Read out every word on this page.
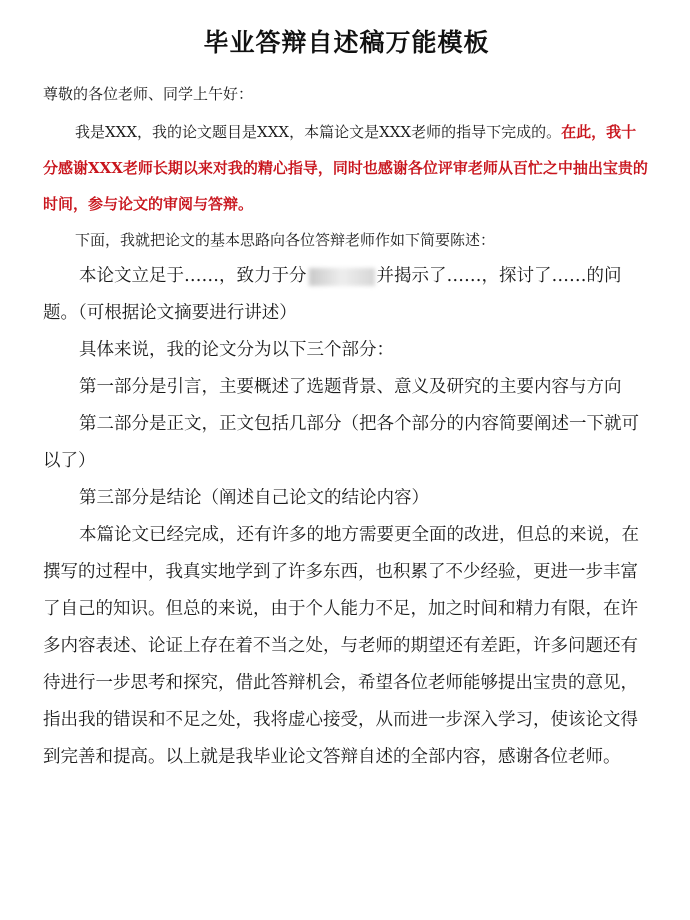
毕业答辩自述稿万能模板

尊敬的各位老师、同学上午好：

我是XXX，我的论文题目是XXX，本篇论文是XXX老师的指导下完成的。在此，我十分感谢XXX老师长期以来对我的精心指导，同时也感谢各位评审老师从百忙之中抽出宝贵的时间，参与论文的审阅与答辩。

下面，我就把论文的基本思路向各位答辩老师作如下简要陈述：

本论文立足于……，致力于分	并揭示了……，探讨了……的问题。（可根据论文摘要进行讲述）

具体来说，我的论文分为以下三个部分：

第一部分是引言，主要概述了选题背景、意义及研究的主要内容与方向

第二部分是正文，正文包括几部分（把各个部分的内容简要阐述一下就可以了）

第三部分是结论（阐述自己论文的结论内容）

本篇论文已经完成，还有许多的地方需要更全面的改进，但总的来说，在撰写的过程中，我真实地学到了许多东西，也积累了不少经验，更进一步丰富了自己的知识。但总的来说，由于个人能力不足，加之时间和精力有限，在许多内容表述、论证上存在着不当之处，与老师的期望还有差距，许多问题还有待进行一步思考和探究，借此答辩机会，希望各位老师能够提出宝贵的意见，指出我的错误和不足之处，我将虚心接受，从而进一步深入学习，使该论文得到完善和提高。以上就是我毕业论文答辩自述的全部内容，感谢各位老师。
